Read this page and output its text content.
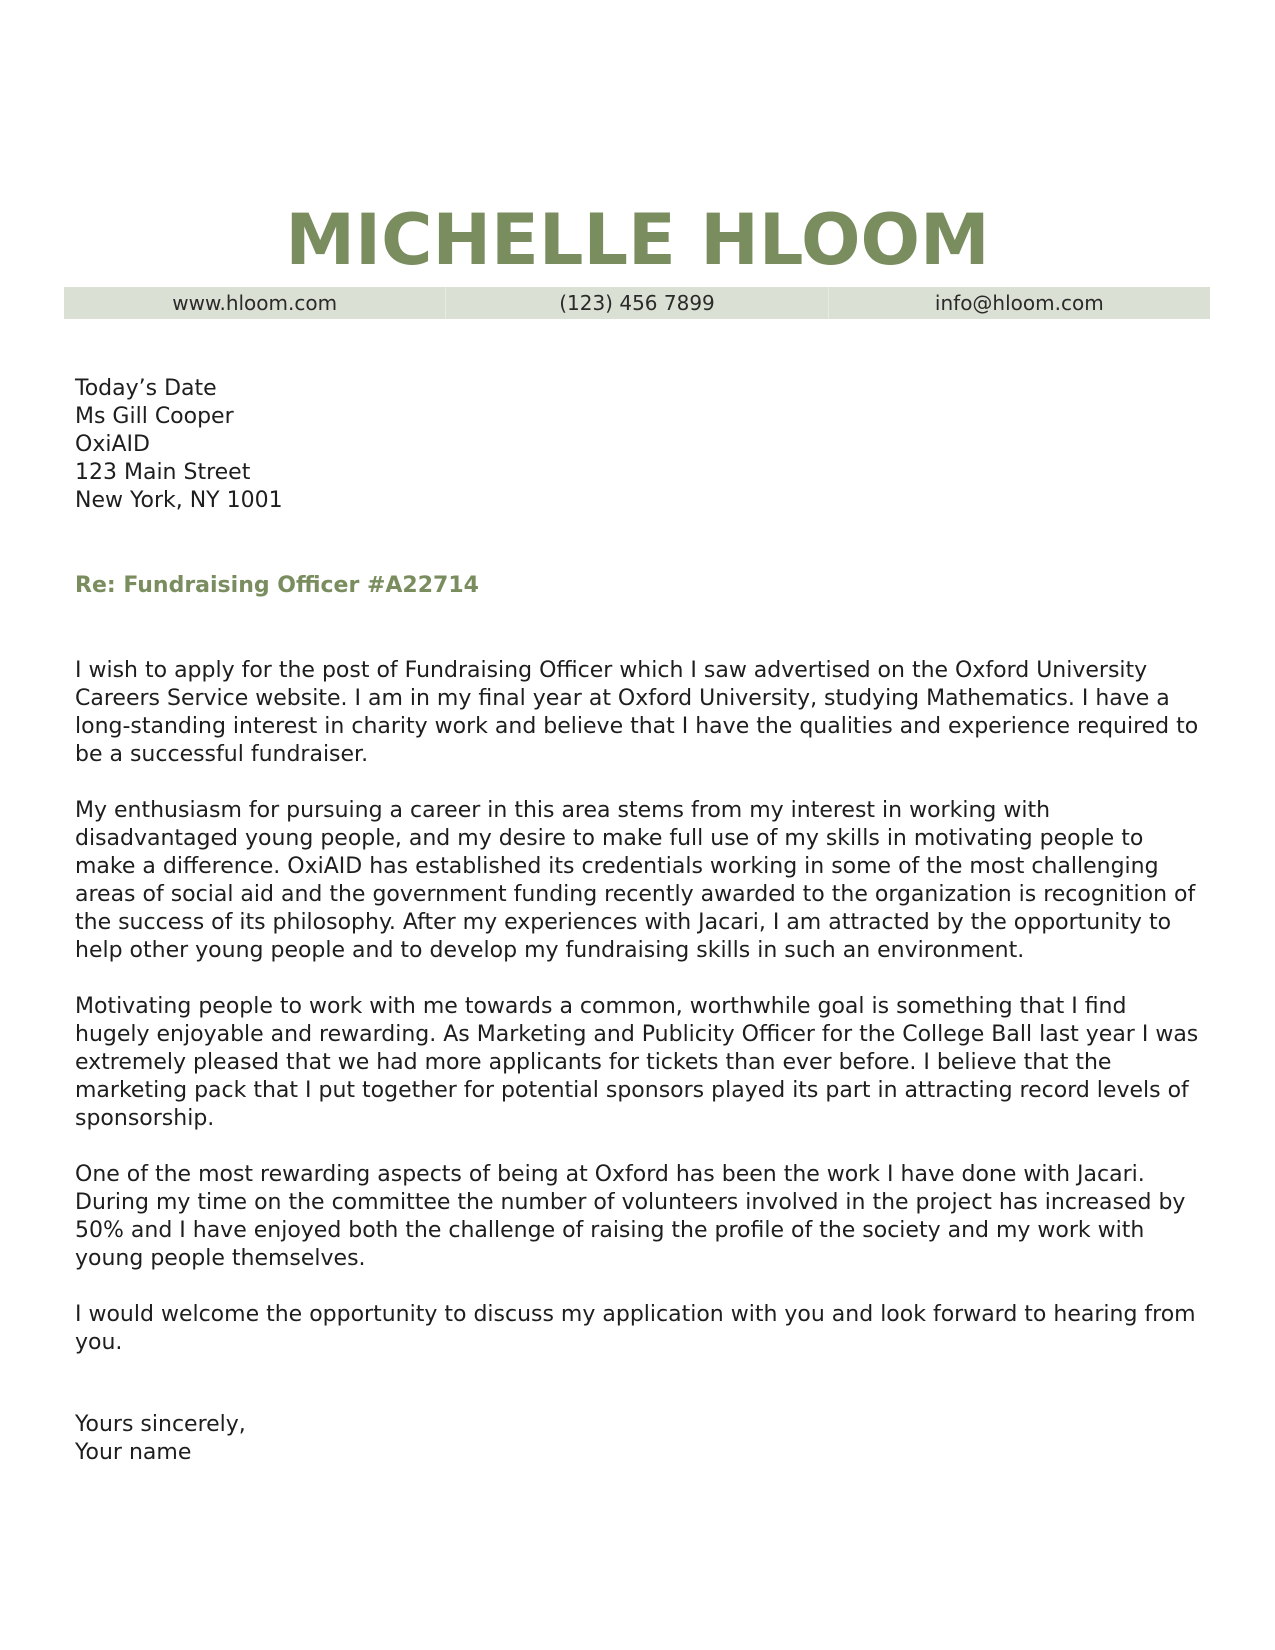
MICHELLE HLOOM
www.hloom.com	(123) 456 7899	info@hloom.com
Today’s Date
Ms Gill Cooper
OxiAID
123 Main Street
New York, NY 1001
Re: Fundraising Officer #A22714

I wish to apply for the post of Fundraising Officer which I saw advertised on the Oxford University Careers Service website. I am in my final year at Oxford University, studying Mathematics. I have a long-standing interest in charity work and believe that I have the qualities and experience required to be a successful fundraiser.

My enthusiasm for pursuing a career in this area stems from my interest in working with disadvantaged young people, and my desire to make full use of my skills in motivating people to make a difference. OxiAID has established its credentials working in some of the most challenging areas of social aid and the government funding recently awarded to the organization is recognition of the success of its philosophy. After my experiences with Jacari, I am attracted by the opportunity to help other young people and to develop my fundraising skills in such an environment.

Motivating people to work with me towards a common, worthwhile goal is something that I find hugely enjoyable and rewarding. As Marketing and Publicity Officer for the College Ball last year I was extremely pleased that we had more applicants for tickets than ever before. I believe that the marketing pack that I put together for potential sponsors played its part in attracting record levels of sponsorship.

One of the most rewarding aspects of being at Oxford has been the work I have done with Jacari. During my time on the committee the number of volunteers involved in the project has increased by 50% and I have enjoyed both the challenge of raising the profile of the society and my work with young people themselves.

I would welcome the opportunity to discuss my application with you and look forward to hearing from you.

Yours sincerely,
Your name
